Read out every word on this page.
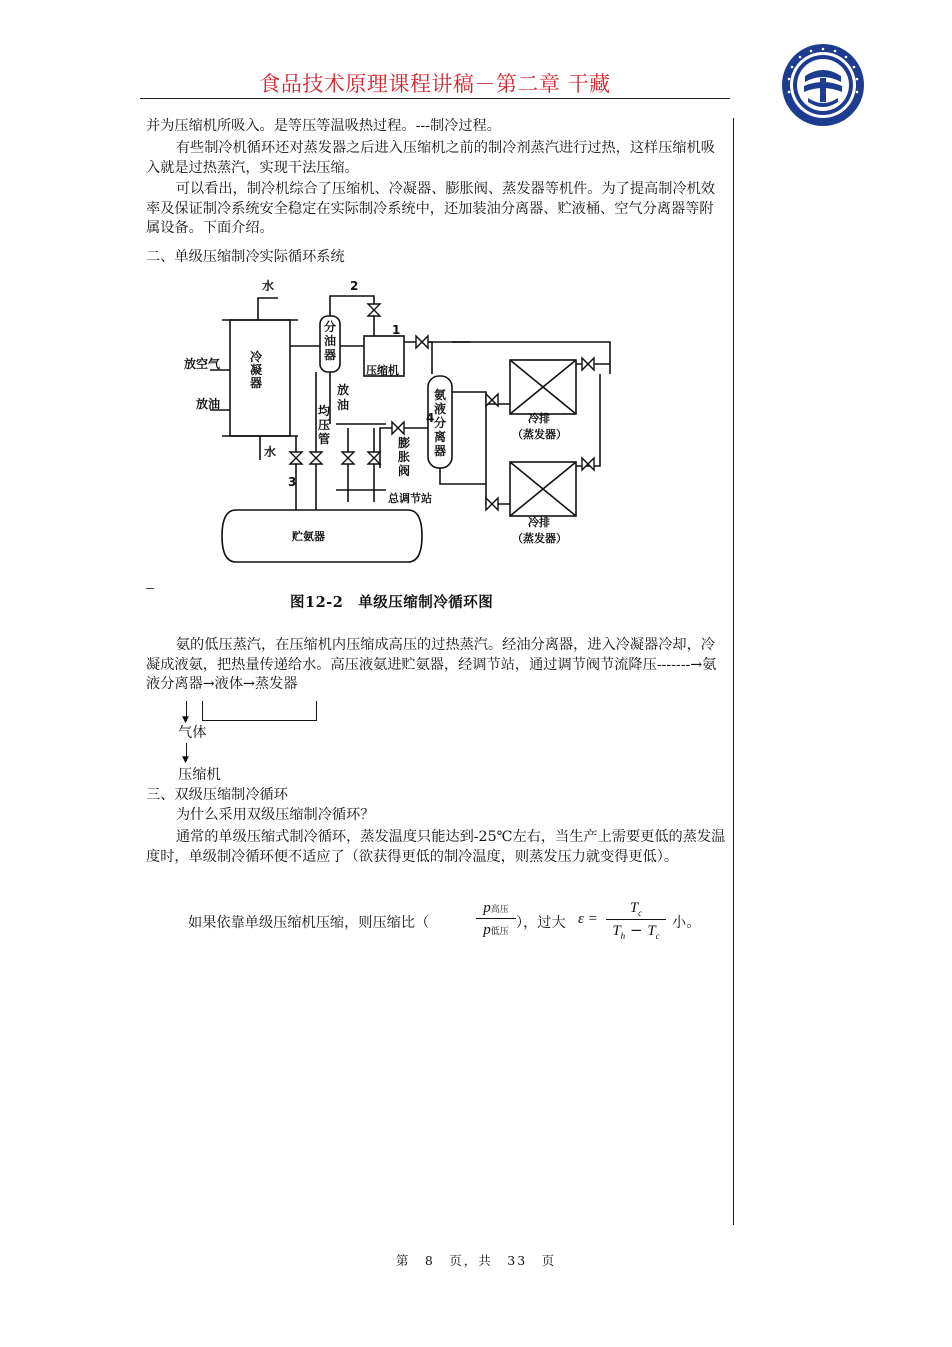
食品技术原理课程讲稿－第二章 干藏
并为压缩机所吸入。是等压等温吸热过程。---制冷过程。
有些制冷机循环还对蒸发器之后进入压缩机之前的制冷剂蒸汽进行过热，这样压缩机吸入就是过热蒸汽，实现干法压缩。
可以看出，制冷机综合了压缩机、冷凝器、膨胀阀、蒸发器等机件。为了提高制冷机效率及保证制冷系统安全稳定在实际制冷系统中，还加装油分离器、贮液桶、空气分离器等附属设备。下面介绍。
二、单级压缩制冷实际循环系统
水	2
1
4
3
放空气
放油
水
压缩机
总调节站
贮氨器
冷排
（蒸发器）
冷排
（蒸发器）
冷凝器
分油器
放油
均压管
氨液分离器
膨胀阀
图12-2　单级压缩制冷循环图
氨的低压蒸汽，在压缩机内压缩成高压的过热蒸汽。经油分离器，进入冷凝器冷却，冷凝成液氨，把热量传递给水。高压液氨进贮氨器，经调节站，通过调节阀节流降压-------→氨液分离器→液体→蒸发器
▼
气体
▼
压缩机
三、双级压缩制冷循环
为什么采用双级压缩制冷循环？
通常的单级压缩式制冷循环，蒸发温度只能达到-25℃左右，当生产上需要更低的蒸发温度时，单级制冷循环便不适应了（欲获得更低的制冷温度，则蒸发压力就变得更低）。
如果依靠单级压缩机压缩，则压缩比（
p高压
p低压
），过大 ε =
$T_c$
$T_h - T_c$
小。
第　8　页，共　33　页
